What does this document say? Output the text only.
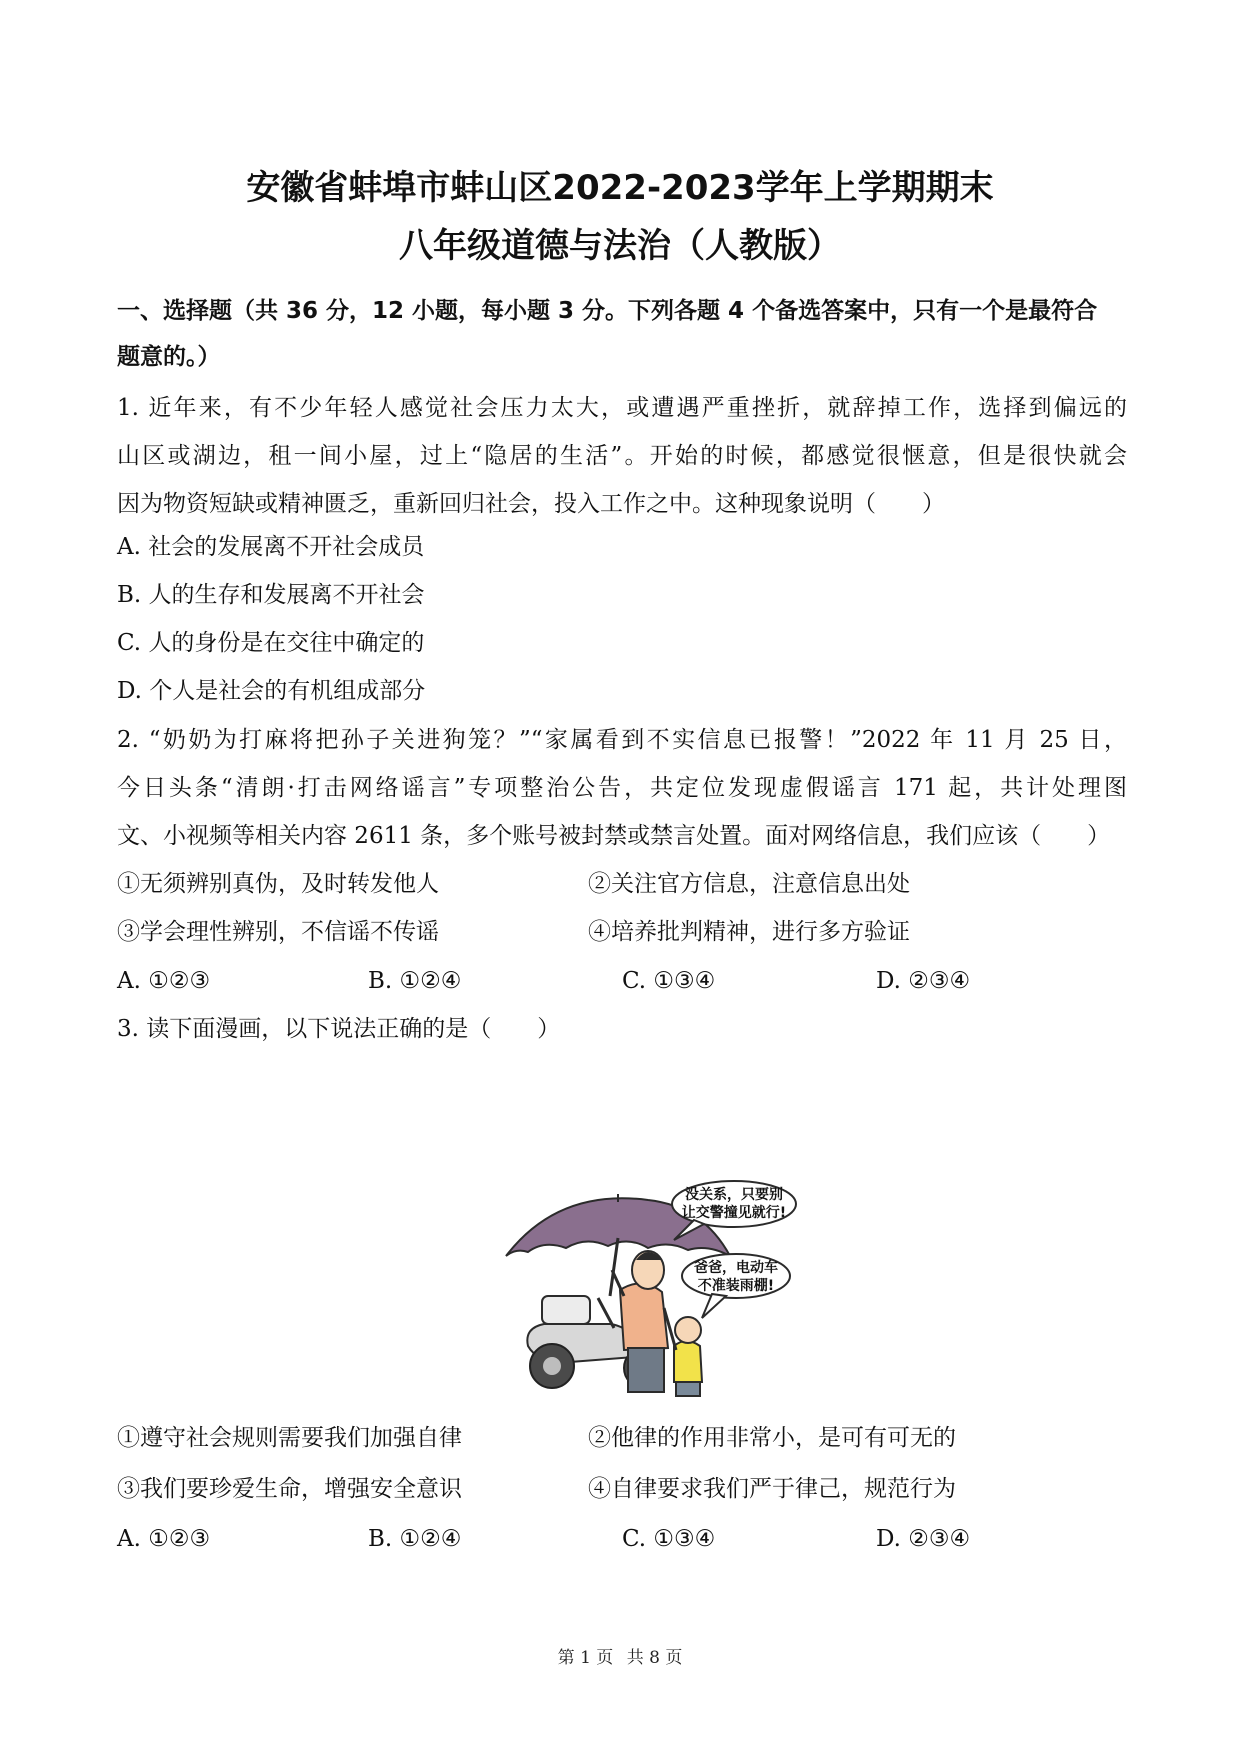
安徽省蚌埠市蚌山区2022-2023学年上学期期末
八年级道德与法治（人教版）
一、选择题（共 36 分，12 小题，每小题 3 分。下列各题 4 个备选答案中，只有一个是最符合
题意的。）
1. 近年来，有不少年轻人感觉社会压力太大，或遭遇严重挫折，就辞掉工作，选择到偏远的
山区或湖边，租一间小屋，过上“隐居的生活”。开始的时候，都感觉很惬意，但是很快就会
因为物资短缺或精神匮乏，重新回归社会，投入工作之中。这种现象说明（　　）
A. 社会的发展离不开社会成员
B. 人的生存和发展离不开社会
C. 人的身份是在交往中确定的
D. 个人是社会的有机组成部分
2. “奶奶为打麻将把孙子关进狗笼？”“家属看到不实信息已报警！”2022 年 11 月 25 日，
今日头条“清朗·打击网络谣言”专项整治公告，共定位发现虚假谣言 171 起，共计处理图
文、小视频等相关内容 2611 条，多个账号被封禁或禁言处置。面对网络信息，我们应该（　　）
①无须辨别真伪，及时转发他人	②关注官方信息，注意信息出处
③学会理性辨别，不信谣不传谣	④培养批判精神，进行多方验证
A. ①②③	B. ①②④	C. ①③④	D. ②③④
3. 读下面漫画，以下说法正确的是（　　）
没关系，只要别
让交警撞见就行!
爸爸，电动车
不准装雨棚!
①遵守社会规则需要我们加强自律	②他律的作用非常小，是可有可无的
③我们要珍爱生命，增强安全意识	④自律要求我们严于律己，规范行为
A. ①②③	B. ①②④	C. ①③④	D. ②③④
第 1 页 共 8 页
